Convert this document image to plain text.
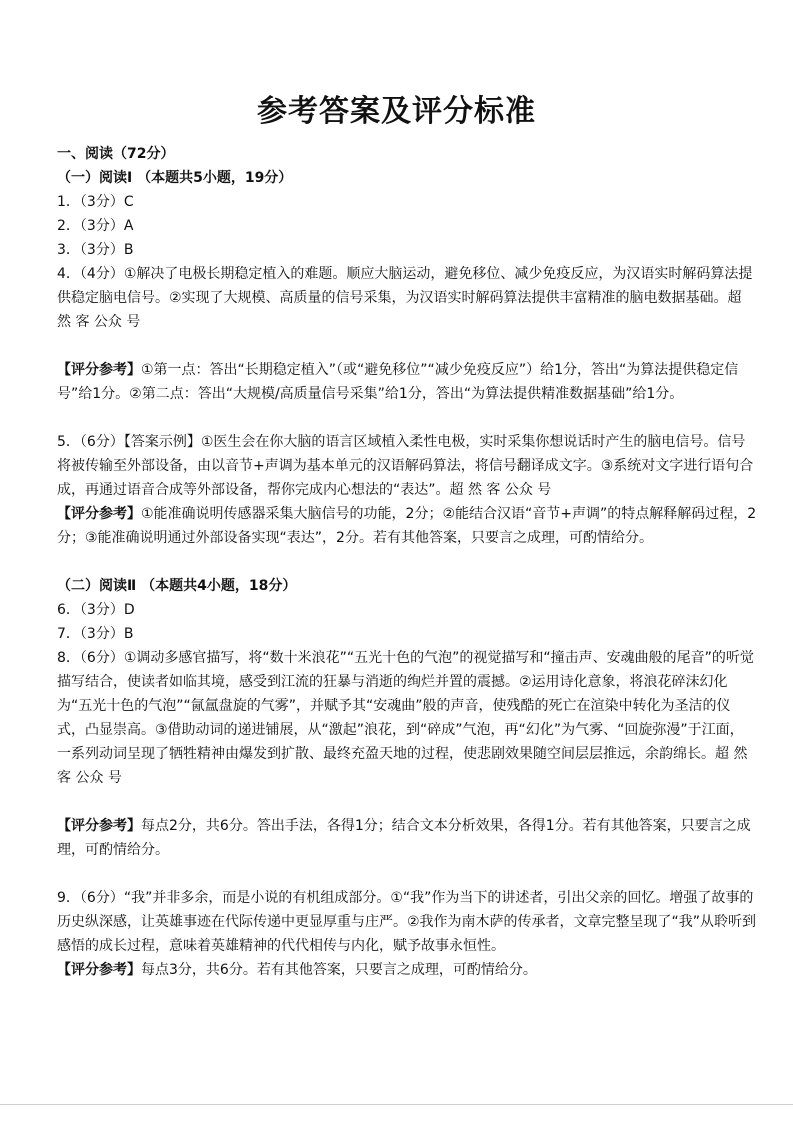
参考答案及评分标准
一、阅读（72分）
（一）阅读Ⅰ （本题共5小题，19分）
1．（3分）C
2．（3分）A
3．（3分）B
4．（4分）①解决了电极长期稳定植入的难题。顺应大脑运动，避免移位、减少免疫反应，为汉语实时解码算法提供稳定脑电信号。②实现了大规模、高质量的信号采集，为汉语实时解码算法提供丰富精准的脑电数据基础。超 然 客 公众 号
【评分参考】①第一点：答出“长期稳定植入”（或“避免移位”“减少免疫反应”）给1分，答出“为算法提供稳定信号”给1分。②第二点：答出“大规模/高质量信号采集”给1分，答出“为算法提供精准数据基础”给1分。
5．（6分）【答案示例】①医生会在你大脑的语言区域植入柔性电极，实时采集你想说话时产生的脑电信号。信号将被传输至外部设备，由以音节+声调为基本单元的汉语解码算法，将信号翻译成文字。③系统对文字进行语句合成，再通过语音合成等外部设备，帮你完成内心想法的“表达”。超 然 客 公众 号
【评分参考】①能准确说明传感器采集大脑信号的功能，2分；②能结合汉语“音节+声调”的特点解释解码过程，2分；③能准确说明通过外部设备实现“表达”，2分。若有其他答案，只要言之成理，可酌情给分。
（二）阅读Ⅱ （本题共4小题，18分）
6．（3分）D
7．（3分）B
8．（6分）①调动多感官描写，将“数十米浪花”“五光十色的气泡”的视觉描写和“撞击声、安魂曲般的尾音”的听觉描写结合，使读者如临其境，感受到江流的狂暴与消逝的绚烂并置的震撼。②运用诗化意象，将浪花碎沫幻化为“五光十色的气泡”“氤氲盘旋的气雾”，并赋予其“安魂曲”般的声音，使残酷的死亡在渲染中转化为圣洁的仪式，凸显崇高。③借助动词的递进铺展，从“激起”浪花，到“碎成”气泡，再“幻化”为气雾、“回旋弥漫”于江面，一系列动词呈现了牺牲精神由爆发到扩散、最终充盈天地的过程，使悲剧效果随空间层层推远，余韵绵长。超 然 客 公众 号
【评分参考】每点2分，共6分。答出手法，各得1分；结合文本分析效果，各得1分。若有其他答案，只要言之成理，可酌情给分。
9．（6分）“我”并非多余，而是小说的有机组成部分。①“我”作为当下的讲述者，引出父亲的回忆。增强了故事的历史纵深感，让英雄事迹在代际传递中更显厚重与庄严。②我作为南木萨的传承者，文章完整呈现了“我”从聆听到感悟的成长过程，意味着英雄精神的代代相传与内化，赋予故事永恒性。
【评分参考】每点3分，共6分。若有其他答案，只要言之成理，可酌情给分。
